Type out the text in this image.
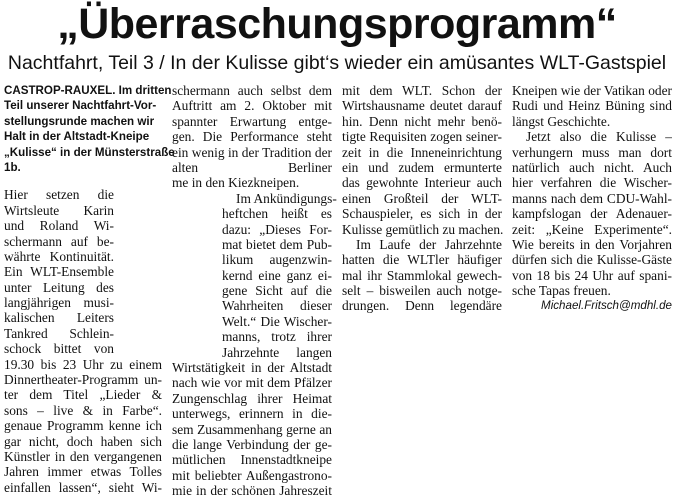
„Überraschungsprogramm“
Nachtfahrt, Teil 3 / In der Kulisse gibt‘s wieder ein amüsantes WLT-Gastspiel
CASTROP-RAUXEL. Im dritten
Teil unserer Nachtfahrt-Vor-
stellungsrunde machen wir
Halt in der Altstadt-Kneipe
„Kulisse“ in der Münsterstraße
1b.
Hier setzen die
Wirtsleute Karin
und Roland Wi-
schermann auf be-
währte Kontinuität.
Ein WLT-Ensemble
unter Leitung des
langjährigen musi-
kalischen Leiters
Tankred Schlein-
schock bittet von
19.30 bis 23 Uhr zu einem
Dinnertheater-Programm un-
ter dem Titel „Lieder &
sons – live & in Farbe“.
genaue Programm kenne ich
gar nicht, doch haben sich
Künstler in den vergangenen
Jahren immer etwas Tolles
einfallen lassen“, sieht Wi-
schermann auch selbst dem
Auftritt am 2. Oktober mit
spannter Erwartung entge-
gen. Die Performance steht
ein wenig in der Tradition der
alten Berliner
me in den Kiezkneipen.
Im Ankündigungs-
heftchen heißt es
dazu: „Dieses For-
mat bietet dem Pub-
likum augenzwin-
kernd eine ganz ei-
gene Sicht auf die
Wahrheiten dieser
Welt.“ Die Wischer-
manns, trotz ihrer
Jahrzehnte langen
Wirtstätigkeit in der Altstadt
nach wie vor mit dem Pfälzer
Zungenschlag ihrer Heimat
unterwegs, erinnern in die-
sem Zusammenhang gerne an
die lange Verbindung der ge-
mütlichen Innenstadtkneipe
mit beliebter Außengastrono-
mie in der schönen Jahreszeit
mit dem WLT. Schon der
Wirtshausname deutet darauf
hin. Denn nicht mehr benö-
tigte Requisiten zogen seiner-
zeit in die Inneneinrichtung
ein und zudem ermunterte
das gewohnte Interieur auch
einen Großteil der WLT-
Schauspieler, es sich in der
Kulisse gemütlich zu machen.
Im Laufe der Jahrzehnte
hatten die WLTler häufiger
mal ihr Stammlokal gewech-
selt – bisweilen auch notge-
drungen. Denn legendäre
Kneipen wie der Vatikan oder
Rudi und Heinz Büning sind
längst Geschichte.
Jetzt also die Kulisse –
verhungern muss man dort
natürlich auch nicht. Auch
hier verfahren die Wischer-
manns nach dem CDU-Wahl-
kampfslogan der Adenauer-
zeit: „Keine Experimente“.
Wie bereits in den Vorjahren
dürfen sich die Kulisse-Gäste
von 18 bis 24 Uhr auf spani-
sche Tapas freuen.
Michael.Fritsch@mdhl.de
